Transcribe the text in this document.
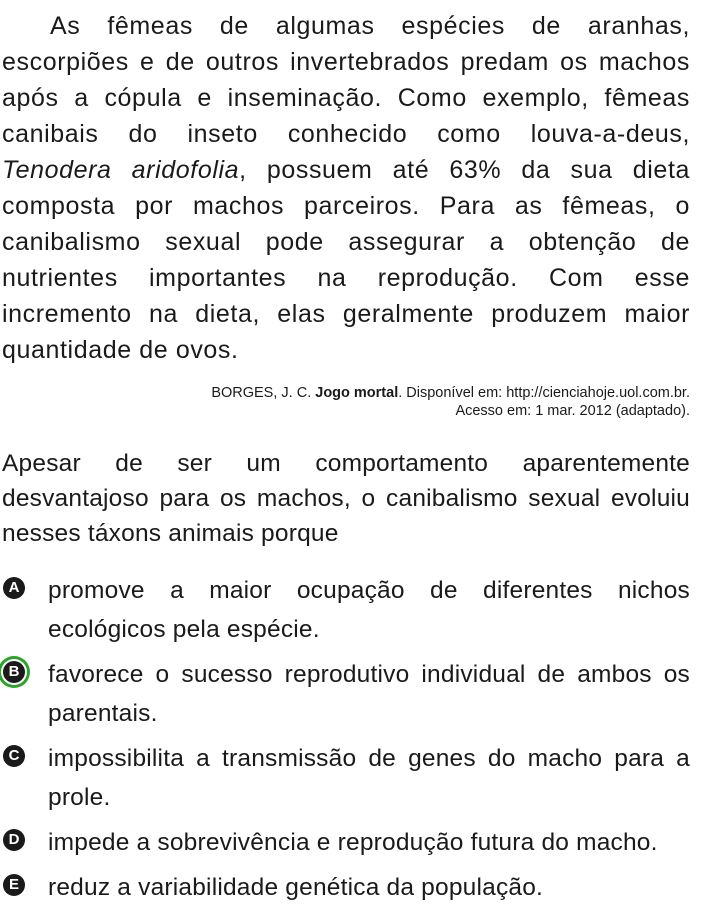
As fêmeas de algumas espécies de aranhas, escorpiões e de outros invertebrados predam os machos após a cópula e inseminação. Como exemplo, fêmeas canibais do inseto conhecido como louva-a-deus, Tenodera aridofolia, possuem até 63% da sua dieta composta por machos parceiros. Para as fêmeas, o canibalismo sexual pode assegurar a obtenção de nutrientes importantes na reprodução. Com esse incremento na dieta, elas geralmente produzem maior quantidade de ovos.

BORGES, J. C. Jogo mortal. Disponível em: http://cienciahoje.uol.com.br.
Acesso em: 1 mar. 2012 (adaptado).
Apesar de ser um comportamento aparentemente desvantajoso para os machos, o canibalismo sexual evoluiu nesses táxons animais porque
A promove a maior ocupação de diferentes nichos ecológicos pela espécie.
B favorece o sucesso reprodutivo individual de ambos os parentais.
C impossibilita a transmissão de genes do macho para a prole.
D impede a sobrevivência e reprodução futura do macho.
E reduz a variabilidade genética da população.
